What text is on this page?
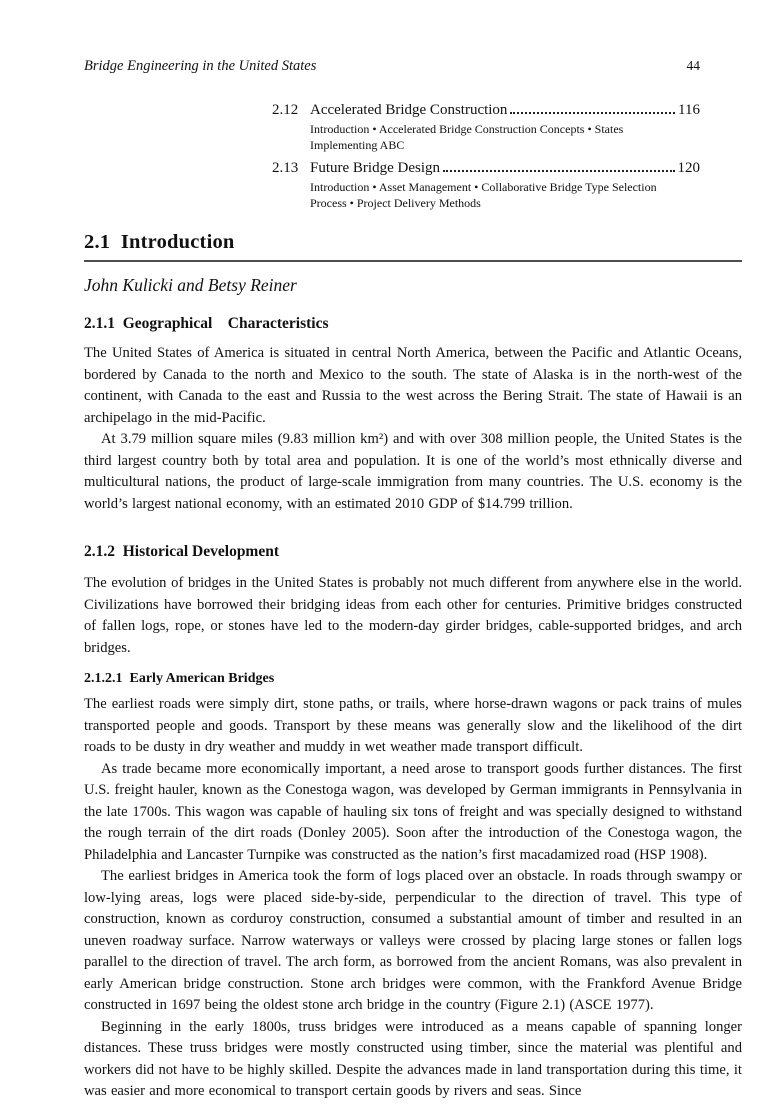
Bridge Engineering in the United States	44
2.12 Accelerated Bridge Construction	116
Introduction • Accelerated Bridge Construction Concepts • States Implementing ABC
2.13 Future Bridge Design	120
Introduction • Asset Management • Collaborative Bridge Type Selection Process • Project Delivery Methods
2.1  Introduction
John Kulicki and Betsy Reiner
2.1.1  Geographical    Characteristics

The United States of America is situated in central North America, between the Pacific and Atlantic Oceans, bordered by Canada to the north and Mexico to the south. The state of Alaska is in the north-west of the continent, with Canada to the east and Russia to the west across the Bering Strait. The state of Hawaii is an archipelago in the mid-Pacific.

At 3.79 million square miles (9.83 million km²) and with over 308 million people, the United States is the third largest country both by total area and population. It is one of the world’s most ethnically diverse and multicultural nations, the product of large-scale immigration from many countries. The U.S. economy is the world’s largest national economy, with an estimated 2010 GDP of $14.799 trillion.

2.1.2  Historical Development

The evolution of bridges in the United States is probably not much different from anywhere else in the world. Civilizations have borrowed their bridging ideas from each other for centuries. Primitive bridges constructed of fallen logs, rope, or stones have led to the modern-day girder bridges, cable-supported bridges, and arch bridges.

2.1.2.1  Early American Bridges

The earliest roads were simply dirt, stone paths, or trails, where horse-drawn wagons or pack trains of mules transported people and goods. Transport by these means was generally slow and the likelihood of the dirt roads to be dusty in dry weather and muddy in wet weather made transport difficult.

As trade became more economically important, a need arose to transport goods further distances. The first U.S. freight hauler, known as the Conestoga wagon, was developed by German immigrants in Pennsylvania in the late 1700s. This wagon was capable of hauling six tons of freight and was specially designed to withstand the rough terrain of the dirt roads (Donley 2005). Soon after the introduction of the Conestoga wagon, the Philadelphia and Lancaster Turnpike was constructed as the nation’s first macadamized road (HSP 1908).

The earliest bridges in America took the form of logs placed over an obstacle. In roads through swampy or low-lying areas, logs were placed side-by-side, perpendicular to the direction of travel. This type of construction, known as corduroy construction, consumed a substantial amount of timber and resulted in an uneven roadway surface. Narrow waterways or valleys were crossed by placing large stones or fallen logs parallel to the direction of travel. The arch form, as borrowed from the ancient Romans, was also prevalent in early American bridge construction. Stone arch bridges were common, with the Frankford Avenue Bridge constructed in 1697 being the oldest stone arch bridge in the country (Figure 2.1) (ASCE 1977).

Beginning in the early 1800s, truss bridges were introduced as a means capable of spanning longer distances. These truss bridges were mostly constructed using timber, since the material was plentiful and workers did not have to be highly skilled. Despite the advances made in land transportation during this time, it was easier and more economical to transport certain goods by rivers and seas. Since
